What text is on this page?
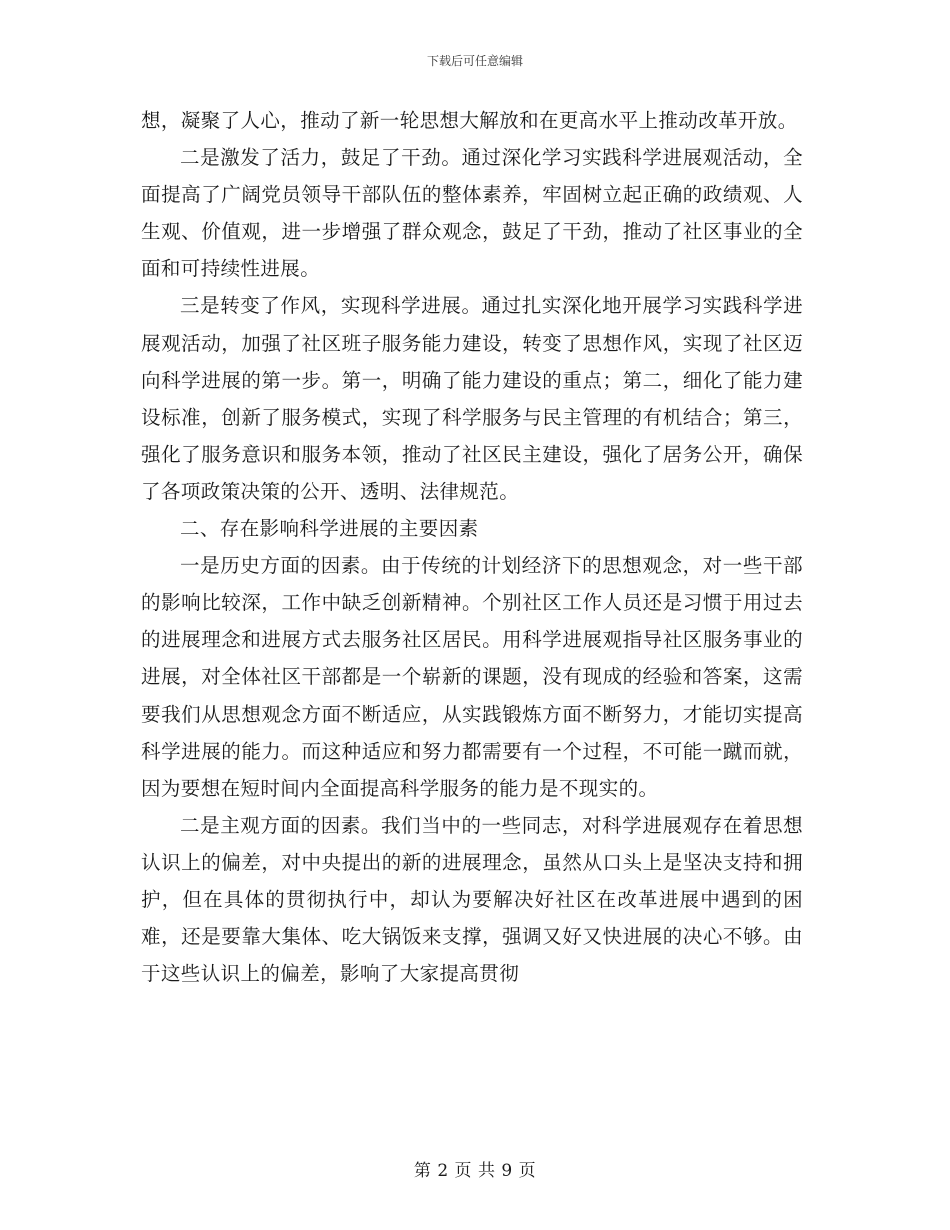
下载后可任意编辑

想，凝聚了人心，推动了新一轮思想大解放和在更高水平上推动改革开放。

二是激发了活力，鼓足了干劲。通过深化学习实践科学进展观活动，全面提高了广阔党员领导干部队伍的整体素养，牢固树立起正确的政绩观、人生观、价值观，进一步增强了群众观念，鼓足了干劲，推动了社区事业的全面和可持续性进展。

三是转变了作风，实现科学进展。通过扎实深化地开展学习实践科学进展观活动，加强了社区班子服务能力建设，转变了思想作风，实现了社区迈向科学进展的第一步。第一，明确了能力建设的重点；第二，细化了能力建设标准，创新了服务模式，实现了科学服务与民主管理的有机结合；第三，强化了服务意识和服务本领，推动了社区民主建设，强化了居务公开，确保了各项政策决策的公开、透明、法律规范。

二、存在影响科学进展的主要因素

一是历史方面的因素。由于传统的计划经济下的思想观念，对一些干部的影响比较深，工作中缺乏创新精神。个别社区工作人员还是习惯于用过去的进展理念和进展方式去服务社区居民。用科学进展观指导社区服务事业的进展，对全体社区干部都是一个崭新的课题，没有现成的经验和答案，这需要我们从思想观念方面不断适应，从实践锻炼方面不断努力，才能切实提高科学进展的能力。而这种适应和努力都需要有一个过程，不可能一蹴而就，因为要想在短时间内全面提高科学服务的能力是不现实的。

二是主观方面的因素。我们当中的一些同志，对科学进展观存在着思想认识上的偏差，对中央提出的新的进展理念，虽然从口头上是坚决支持和拥护，但在具体的贯彻执行中，却认为要解决好社区在改革进展中遇到的困难，还是要靠大集体、吃大锅饭来支撑，强调又好又快进展的决心不够。由于这些认识上的偏差，影响了大家提高贯彻

第 2 页 共 9 页
